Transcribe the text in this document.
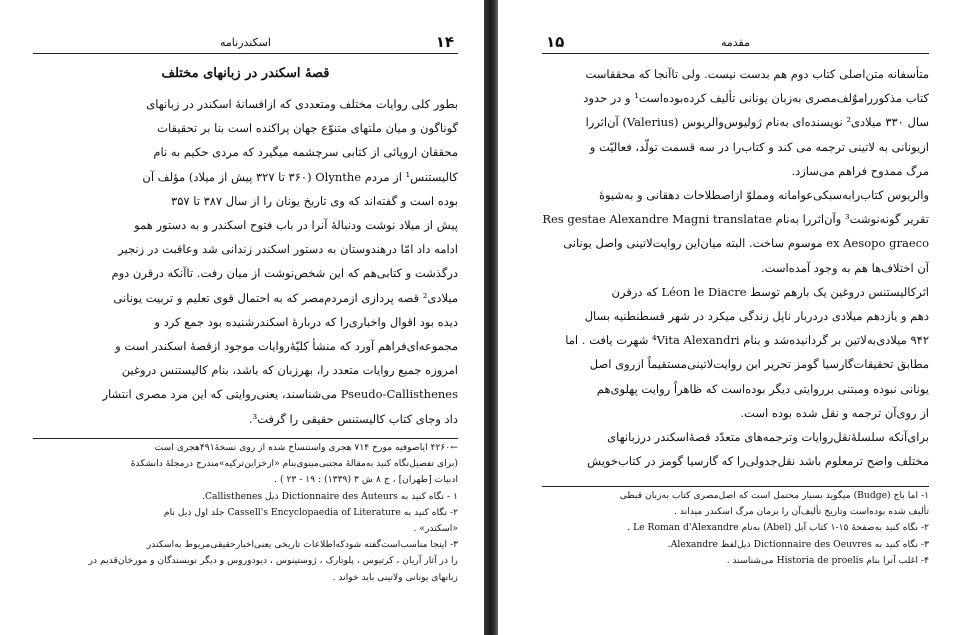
١۴
اسکندرنامه
قصهٔ اسکندر در زبانهای مختلف
بطور کلی روایات مختلف ومتعددی که ازافسانهٔ اسکندر در زبانهای
گوناگون و میان ملتهای متنوّع جهان پراکنده است بنا بر تحقیقات
محققان اروپائی از کتابی سرچشمه میگیرد که مردی حکیم به نام
کالیستنس¹ از مردم Olynthe (٣۶٠ تا ٣٢٧ پیش از میلاد) مؤلف آن
بوده است و گفته‌اند که وی تاریخ یونان را از سال ٣٨٧ تا ٣۵٧
پیش از میلاد نوشت ودنبالهٔ آنرا در باب فتوح اسکندر و به دستور همو
ادامه داد امّا درهندوستان به دستور اسکندر زندانی شد وعاقبت در زنجیر
درگذشت و کتابی‌هم که این شخص‌نوشت از میان رفت. تاآنکه درقرن دوم
میلادی² قصه پردازی ازمردم‌مصر که به احتمال قوی تعلیم و تربیت یونانی
دیده بود اقوال واخباری‌را که دربارهٔ اسکندرشنیده بود جمع کرد و
مجموعه‌ای‌فراهم آورد که منشأ کلیّهٔ‌روایات موجود ازقصهٔ اسکندر است و
امروزه جمیع روایات متعدد را، بهرزبان که باشد، بنام کالیستنس دروغین
Pseudo-Callisthenes می‌شناسند، یعنی‌روایتی که این مرد مصری انتشار
داد وجای کتاب کالیستنس حقیقی را گرفت³.
←۴۲۶٠ ایاصوفیه مورخ ٧١۴ هجری واستنساخ شده از روی نسخهٔ۴٩١هجری است
(برای تفصیل‌نگاه کنید به‌مقالهٔ مجتبی‌مینوی‌بنام «ازخزاین‌ترکیه»مندرج درمجلهٔ دانشکدهٔ
ادبیات [طهران] ، ج ٨ ش ٣ (١٣٣٩) : ١٩ - ٢٣ ) .
١ - نگاه کنید به Dictionnaire des Auteurs ذیل Callisthenes.
٢- نگاه کنید به Cassell's Encyclopaedia of Literature جلد اول ذیل نام
«اسکندر» .
٣- اینجا مناسب‌است‌گفته شودکه‌اطلاعات تاریخی یعنی‌اخبارحقیقی‌مربوط به‌اسکندر
را در آثار آریان ، کرتیوس ، پلوتارک ، ژوستینوس ، دیودوروس و دیگر نویسندگان و مورخان‌قدیم در
زبانهای یونانی ولاتینی باید خواند .
١۵	مقدمه
متأسفانه متن‌اصلی کتاب دوم هم بدست نیست. ولی تاآنجا که محققاست
کتاب مذکورراموٌلف‌مصری به‌زبان یونانی تألیف کرده‌بوده‌است¹ و در حدود
سال ٣٣٠ میلادی² نویسنده‌ای به‌نام ژولیوس‌والریوس (Valerius) آن‌اثررا
ازیونانی به لاتینی ترجمه می کند و کتاب‌را در سه قسمت تولّد، فعالیّت و
مرگ ممدوح فراهم می‌سازد.
والریوس کتاب‌رابه‌سبکی‌عوامانه ومملوّ ازاصطلاحات دهقانی و به‌شیوهٔ
تقریر گونه‌نوشت³ وآن‌اثررا به‌نام Res gestae Alexandre Magni translatae
ex Aesopo graeco موسوم ساخت. البته میان‌این روایت‌لاتینی واصل یونانی
آن اختلاف‌ها هم به وجود آمده‌است.
اثرکالیستنس دروغین یک بارهم توسط Léon le Diacre که درقرن
دهم و یازدهم میلادی دردربار ناپل زندگی میکرد در شهر قسطنطنیه بسال
۹۴۲ میلادی‌به‌لاتین بر گردانیده‌شد و بنام ⁴Vita Alexandri شهرت یافت . اما
مطابق تحقیقات‌گارسیا گومز تحریر ابن روایت‌لاتینی‌مستقیماً ازروی اصل
یونانی نبوده ومبتنی برروایتی دیگر بوده‌است که ظاهراً روایت پهلوی‌هم
از روی‌آن ترجمه و نقل شده بوده است.
برای‌آنکه سلسلهٔ‌نقل‌روایات وترجمه‌های متعدّد قصهٔ‌اسکندر درزبانهای
مختلف واضح ترمعلوم باشد نقل‌جدولی‌را که گارسیا گومز در کتاب‌خویش
١- اما باج (Budge) میگوید بسیار محتمل است که اصل‌مصری کتاب به‌زبان قبطی
تألیف شده بوده‌است وتاریخ تألیف‌آن را بزمان مرگ اسکندر میداند .
٢- نگاه کنید به‌صفحهٔ ١۵-١ کتاب آبل (Abel) به‌نام Le Roman d'Alexandre .
٣- نگاه کنید به Dictionnaire des Oeuvres ذیل‌لفظ Alexandre.
۴- اغلب آنرا بنام Historia de proelis می‌شناسند .
